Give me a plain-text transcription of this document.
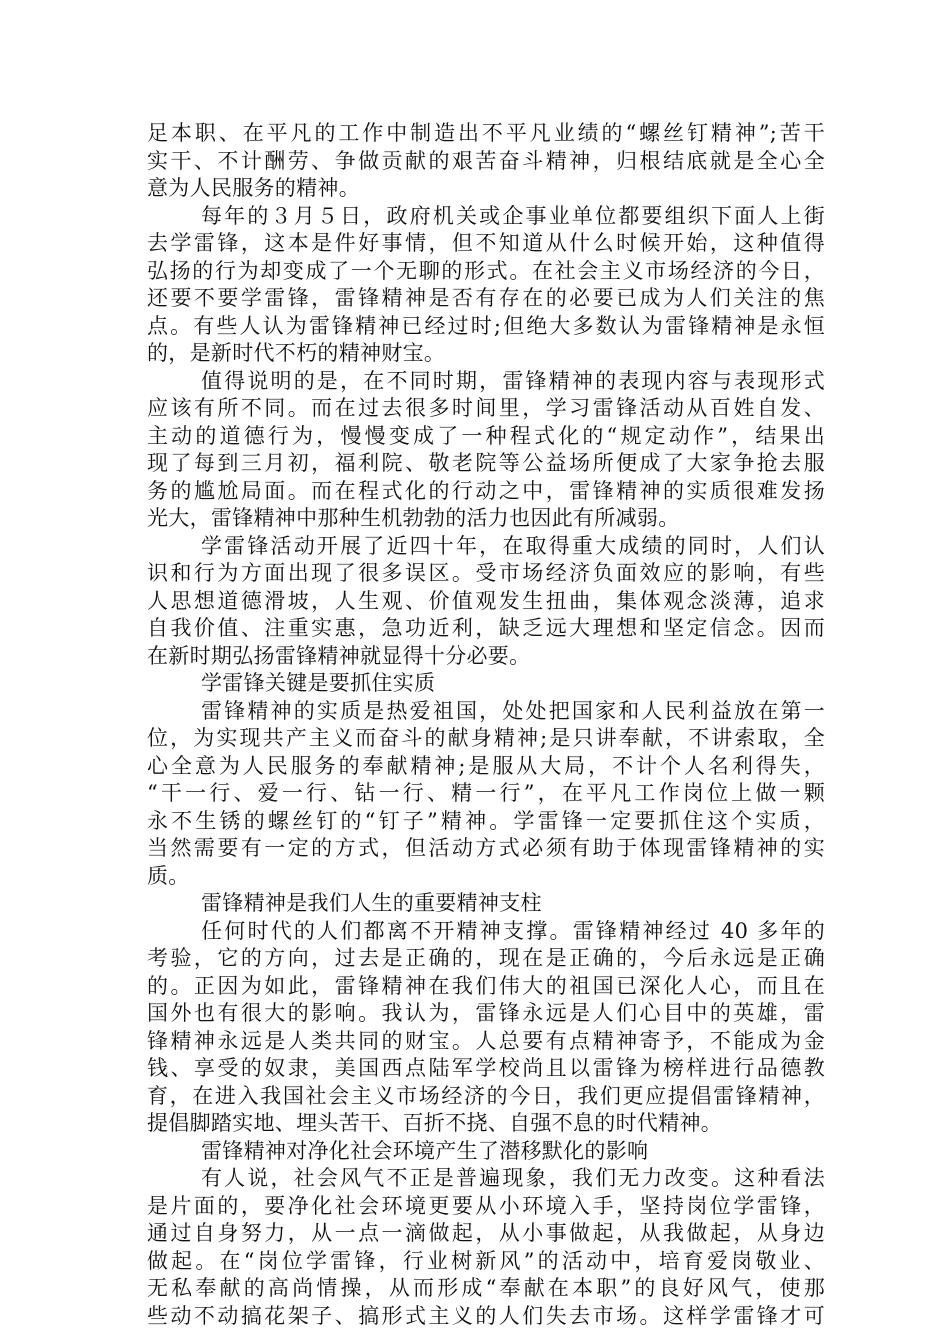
足本职、在平凡的工作中制造出不平凡业绩的“螺丝钉精神”;苦干
实干、不计酬劳、争做贡献的艰苦奋斗精神，归根结底就是全心全
意为人民服务的精神。
每年的３月５日，政府机关或企事业单位都要组织下面人上街
去学雷锋，这本是件好事情，但不知道从什么时候开始，这种值得
弘扬的行为却变成了一个无聊的形式。在社会主义市场经济的今日，
还要不要学雷锋，雷锋精神是否有存在的必要已成为人们关注的焦
点。有些人认为雷锋精神已经过时;但绝大多数认为雷锋精神是永恒
的，是新时代不朽的精神财宝。
值得说明的是，在不同时期，雷锋精神的表现内容与表现形式
应该有所不同。而在过去很多时间里，学习雷锋活动从百姓自发、
主动的道德行为，慢慢变成了一种程式化的“规定动作”，结果出
现了每到三月初，福利院、敬老院等公益场所便成了大家争抢去服
务的尴尬局面。而在程式化的行动之中，雷锋精神的实质很难发扬
光大，雷锋精神中那种生机勃勃的活力也因此有所减弱。
学雷锋活动开展了近四十年，在取得重大成绩的同时，人们认
识和行为方面出现了很多误区。受市场经济负面效应的影响，有些
人思想道德滑坡，人生观、价值观发生扭曲，集体观念淡薄，追求
自我价值、注重实惠，急功近利，缺乏远大理想和坚定信念。因而
在新时期弘扬雷锋精神就显得十分必要。
学雷锋关键是要抓住实质
雷锋精神的实质是热爱祖国，处处把国家和人民利益放在第一
位，为实现共产主义而奋斗的献身精神;是只讲奉献，不讲索取，全
心全意为人民服务的奉献精神;是服从大局，不计个人名利得失，
“干一行、爱一行、钻一行、精一行”，在平凡工作岗位上做一颗
永不生锈的螺丝钉的“钉子”精神。学雷锋一定要抓住这个实质，
当然需要有一定的方式，但活动方式必须有助于体现雷锋精神的实
质。
雷锋精神是我们人生的重要精神支柱
任何时代的人们都离不开精神支撑。雷锋精神经过 40 多年的
考验，它的方向，过去是正确的，现在是正确的，今后永远是正确
的。正因为如此，雷锋精神在我们伟大的祖国已深化人心，而且在
国外也有很大的影响。我认为，雷锋永远是人们心目中的英雄，雷
锋精神永远是人类共同的财宝。人总要有点精神寄予，不能成为金
钱、享受的奴隶，美国西点陆军学校尚且以雷锋为榜样进行品德教
育，在进入我国社会主义市场经济的今日，我们更应提倡雷锋精神，
提倡脚踏实地、埋头苦干、百折不挠、自强不息的时代精神。
雷锋精神对净化社会环境产生了潜移默化的影响
有人说，社会风气不正是普遍现象，我们无力改变。这种看法
是片面的，要净化社会环境更要从小环境入手，坚持岗位学雷锋，
通过自身努力，从一点一滴做起，从小事做起，从我做起，从身边
做起。在“岗位学雷锋，行业树新风”的活动中，培育爱岗敬业、
无私奉献的高尚情操，从而形成“奉献在本职”的良好风气，使那
些动不动搞花架子、搞形式主义的人们失去市场。这样学雷锋才可
